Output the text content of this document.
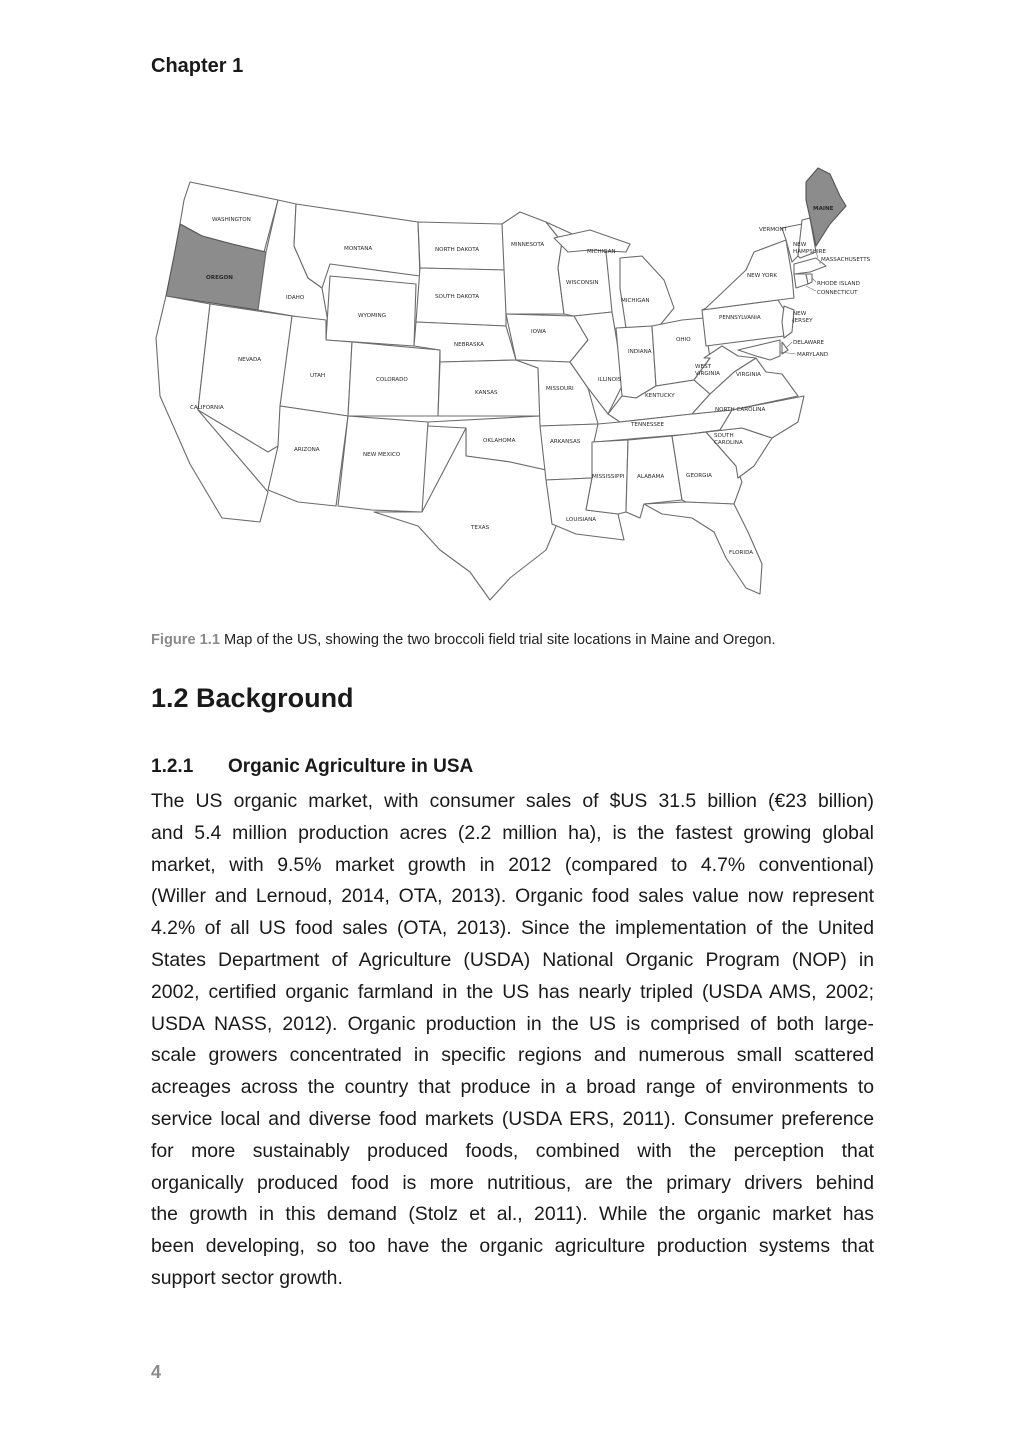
Chapter 1
WASHINGTON
OREGON
CALIFORNIA
IDAHO
NEVADA
MONTANA
WYOMING
UTAH
COLORADO
ARIZONA
NEW MEXICO
NORTH DAKOTA
SOUTH DAKOTA
NEBRASKA
KANSAS
OKLAHOMA
TEXAS
MINNESOTA
IOWA
MISSOURI
ARKANSAS
LOUISIANA
WISCONSIN
MICHIGAN
MICHIGAN
ILLINOIS
INDIANA
OHIO
KENTUCKY
TENNESSEE
MISSISSIPPI ALABAMA	GEORGIA
FLORIDA
SOUTH
CAROLINA
NORTH CAROLINA
VIRGINIA
WEST
VIRGINIA
PENNSYLVANIA
NEW YORK
VERMONT
NEW
HAMPSHIRE
MAINE
MASSACHUSETTS
RHODE ISLAND
CONNECTICUT
NEW
JERSEY
DELAWARE
MARYLAND
Figure 1.1 Map of the US, showing the two broccoli field trial site locations in Maine and Oregon.
1.2 Background
1.2.1 Organic Agriculture in USA
The US organic market, with consumer sales of $US 31.5 billion (€23 billion)
and 5.4 million production acres (2.2 million ha), is the fastest growing global
market, with 9.5% market growth in 2012 (compared to 4.7% conventional)
(Willer and Lernoud, 2014, OTA, 2013). Organic food sales value now represent
4.2% of all US food sales (OTA, 2013). Since the implementation of the United
States Department of Agriculture (USDA) National Organic Program (NOP) in
2002, certified organic farmland in the US has nearly tripled (USDA AMS, 2002;
USDA NASS, 2012). Organic production in the US is comprised of both large-
scale growers concentrated in specific regions and numerous small scattered
acreages across the country that produce in a broad range of environments to
service local and diverse food markets (USDA ERS, 2011). Consumer preference
for more sustainably produced foods, combined with the perception that
organically produced food is more nutritious, are the primary drivers behind
the growth in this demand (Stolz et al., 2011). While the organic market has
been developing, so too have the organic agriculture production systems that
support sector growth.
4
